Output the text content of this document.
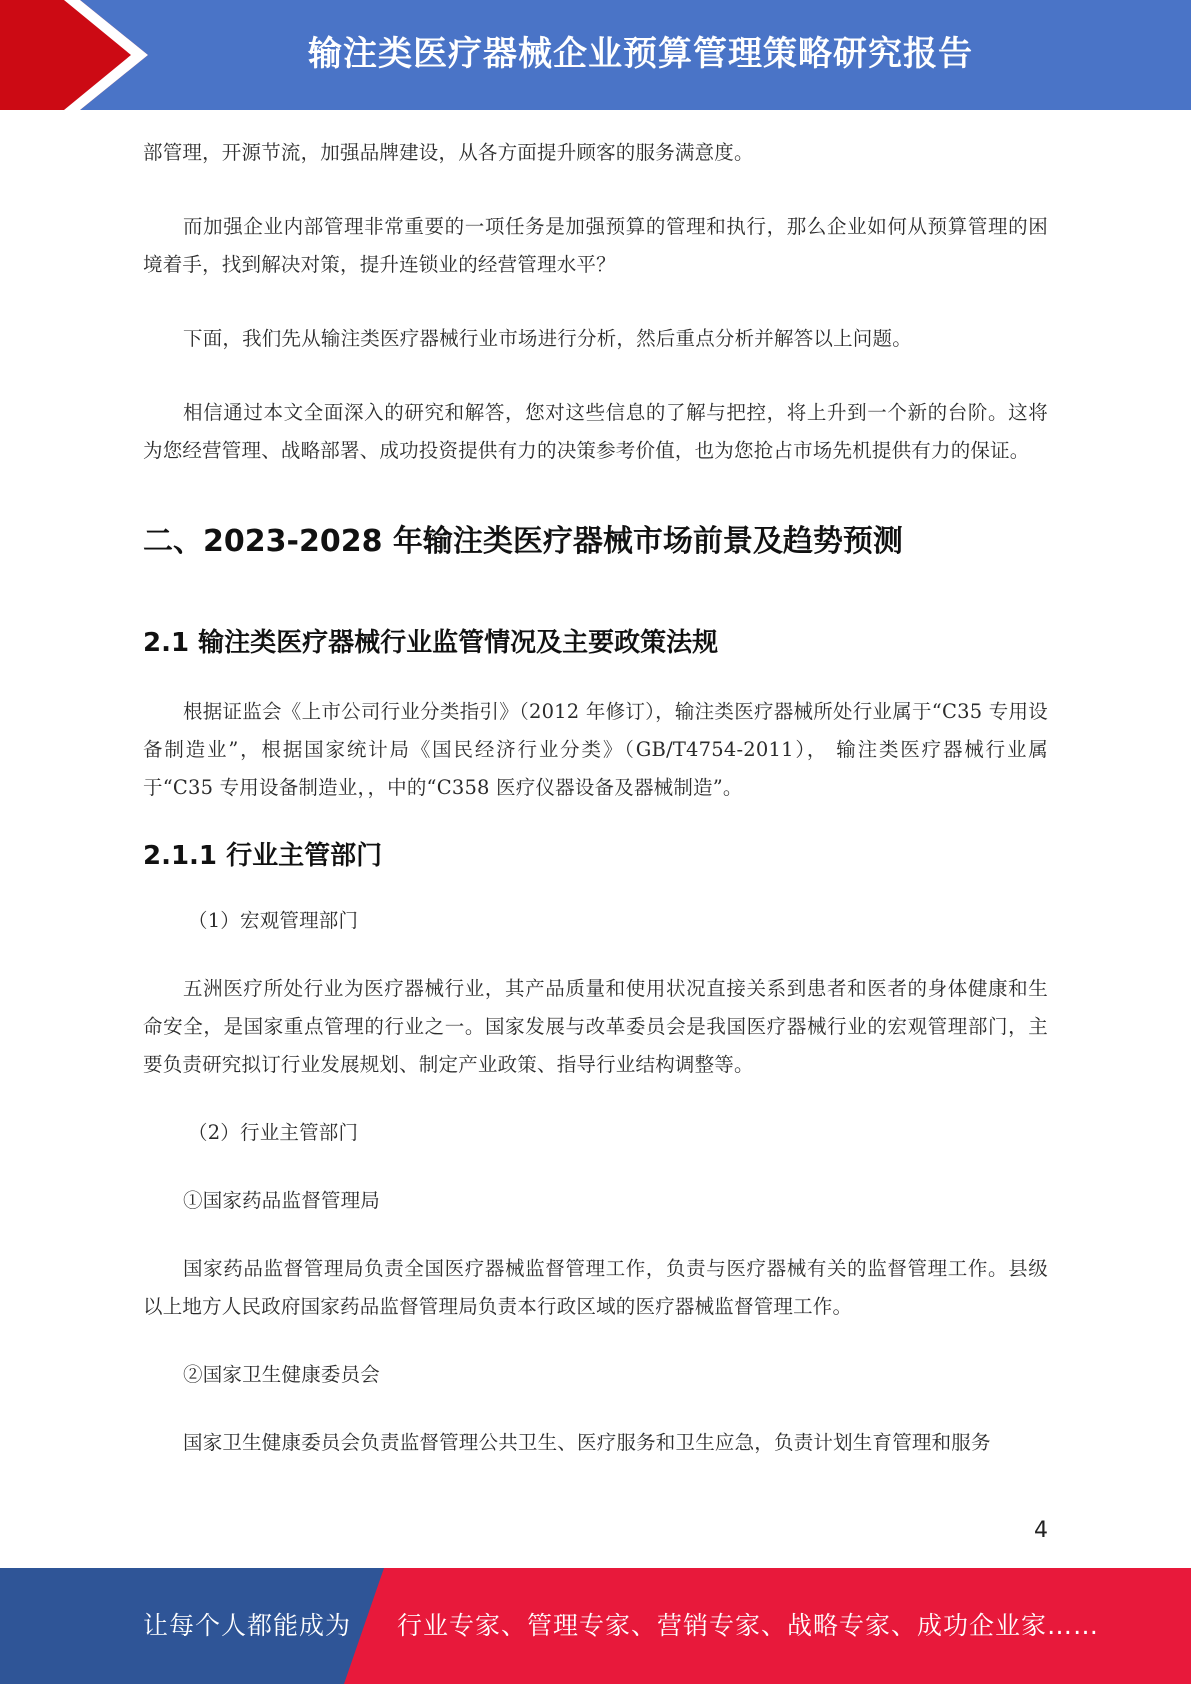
输注类医疗器械企业预算管理策略研究报告

部管理，开源节流，加强品牌建设，从各方面提升顾客的服务满意度。

而加强企业内部管理非常重要的一项任务是加强预算的管理和执行，那么企业如何从预算管理的困境着手，找到解决对策，提升连锁业的经营管理水平？

下面，我们先从输注类医疗器械行业市场进行分析，然后重点分析并解答以上问题。

相信通过本文全面深入的研究和解答，您对这些信息的了解与把控，将上升到一个新的台阶。这将为您经营管理、战略部署、成功投资提供有力的决策参考价值，也为您抢占市场先机提供有力的保证。

二、2023-2028 年输注类医疗器械市场前景及趋势预测
2.1 输注类医疗器械行业监管情况及主要政策法规

根据证监会《上市公司行业分类指引》（2012 年修订），输注类医疗器械所处行业属于“C35 专用设备制造业”，根据国家统计局《国民经济行业分类》（GB/T4754-2011）， 输注类医疗器械行业属于“C35 专用设备制造业，，中的“C358 医疗仪器设备及器械制造”。

2.1.1 行业主管部门

（1）宏观管理部门

五洲医疗所处行业为医疗器械行业，其产品质量和使用状况直接关系到患者和医者的身体健康和生命安全，是国家重点管理的行业之一。国家发展与改革委员会是我国医疗器械行业的宏观管理部门，主要负责研究拟订行业发展规划、制定产业政策、指导行业结构调整等。

（2）行业主管部门

①国家药品监督管理局

国家药品监督管理局负责全国医疗器械监督管理工作，负责与医疗器械有关的监督管理工作。县级以上地方人民政府国家药品监督管理局负责本行政区域的医疗器械监督管理工作。

②国家卫生健康委员会

国家卫生健康委员会负责监督管理公共卫生、医疗服务和卫生应急，负责计划生育管理和服务

4
让每个人都能成为 行业专家、管理专家、营销专家、战略专家、成功企业家……
